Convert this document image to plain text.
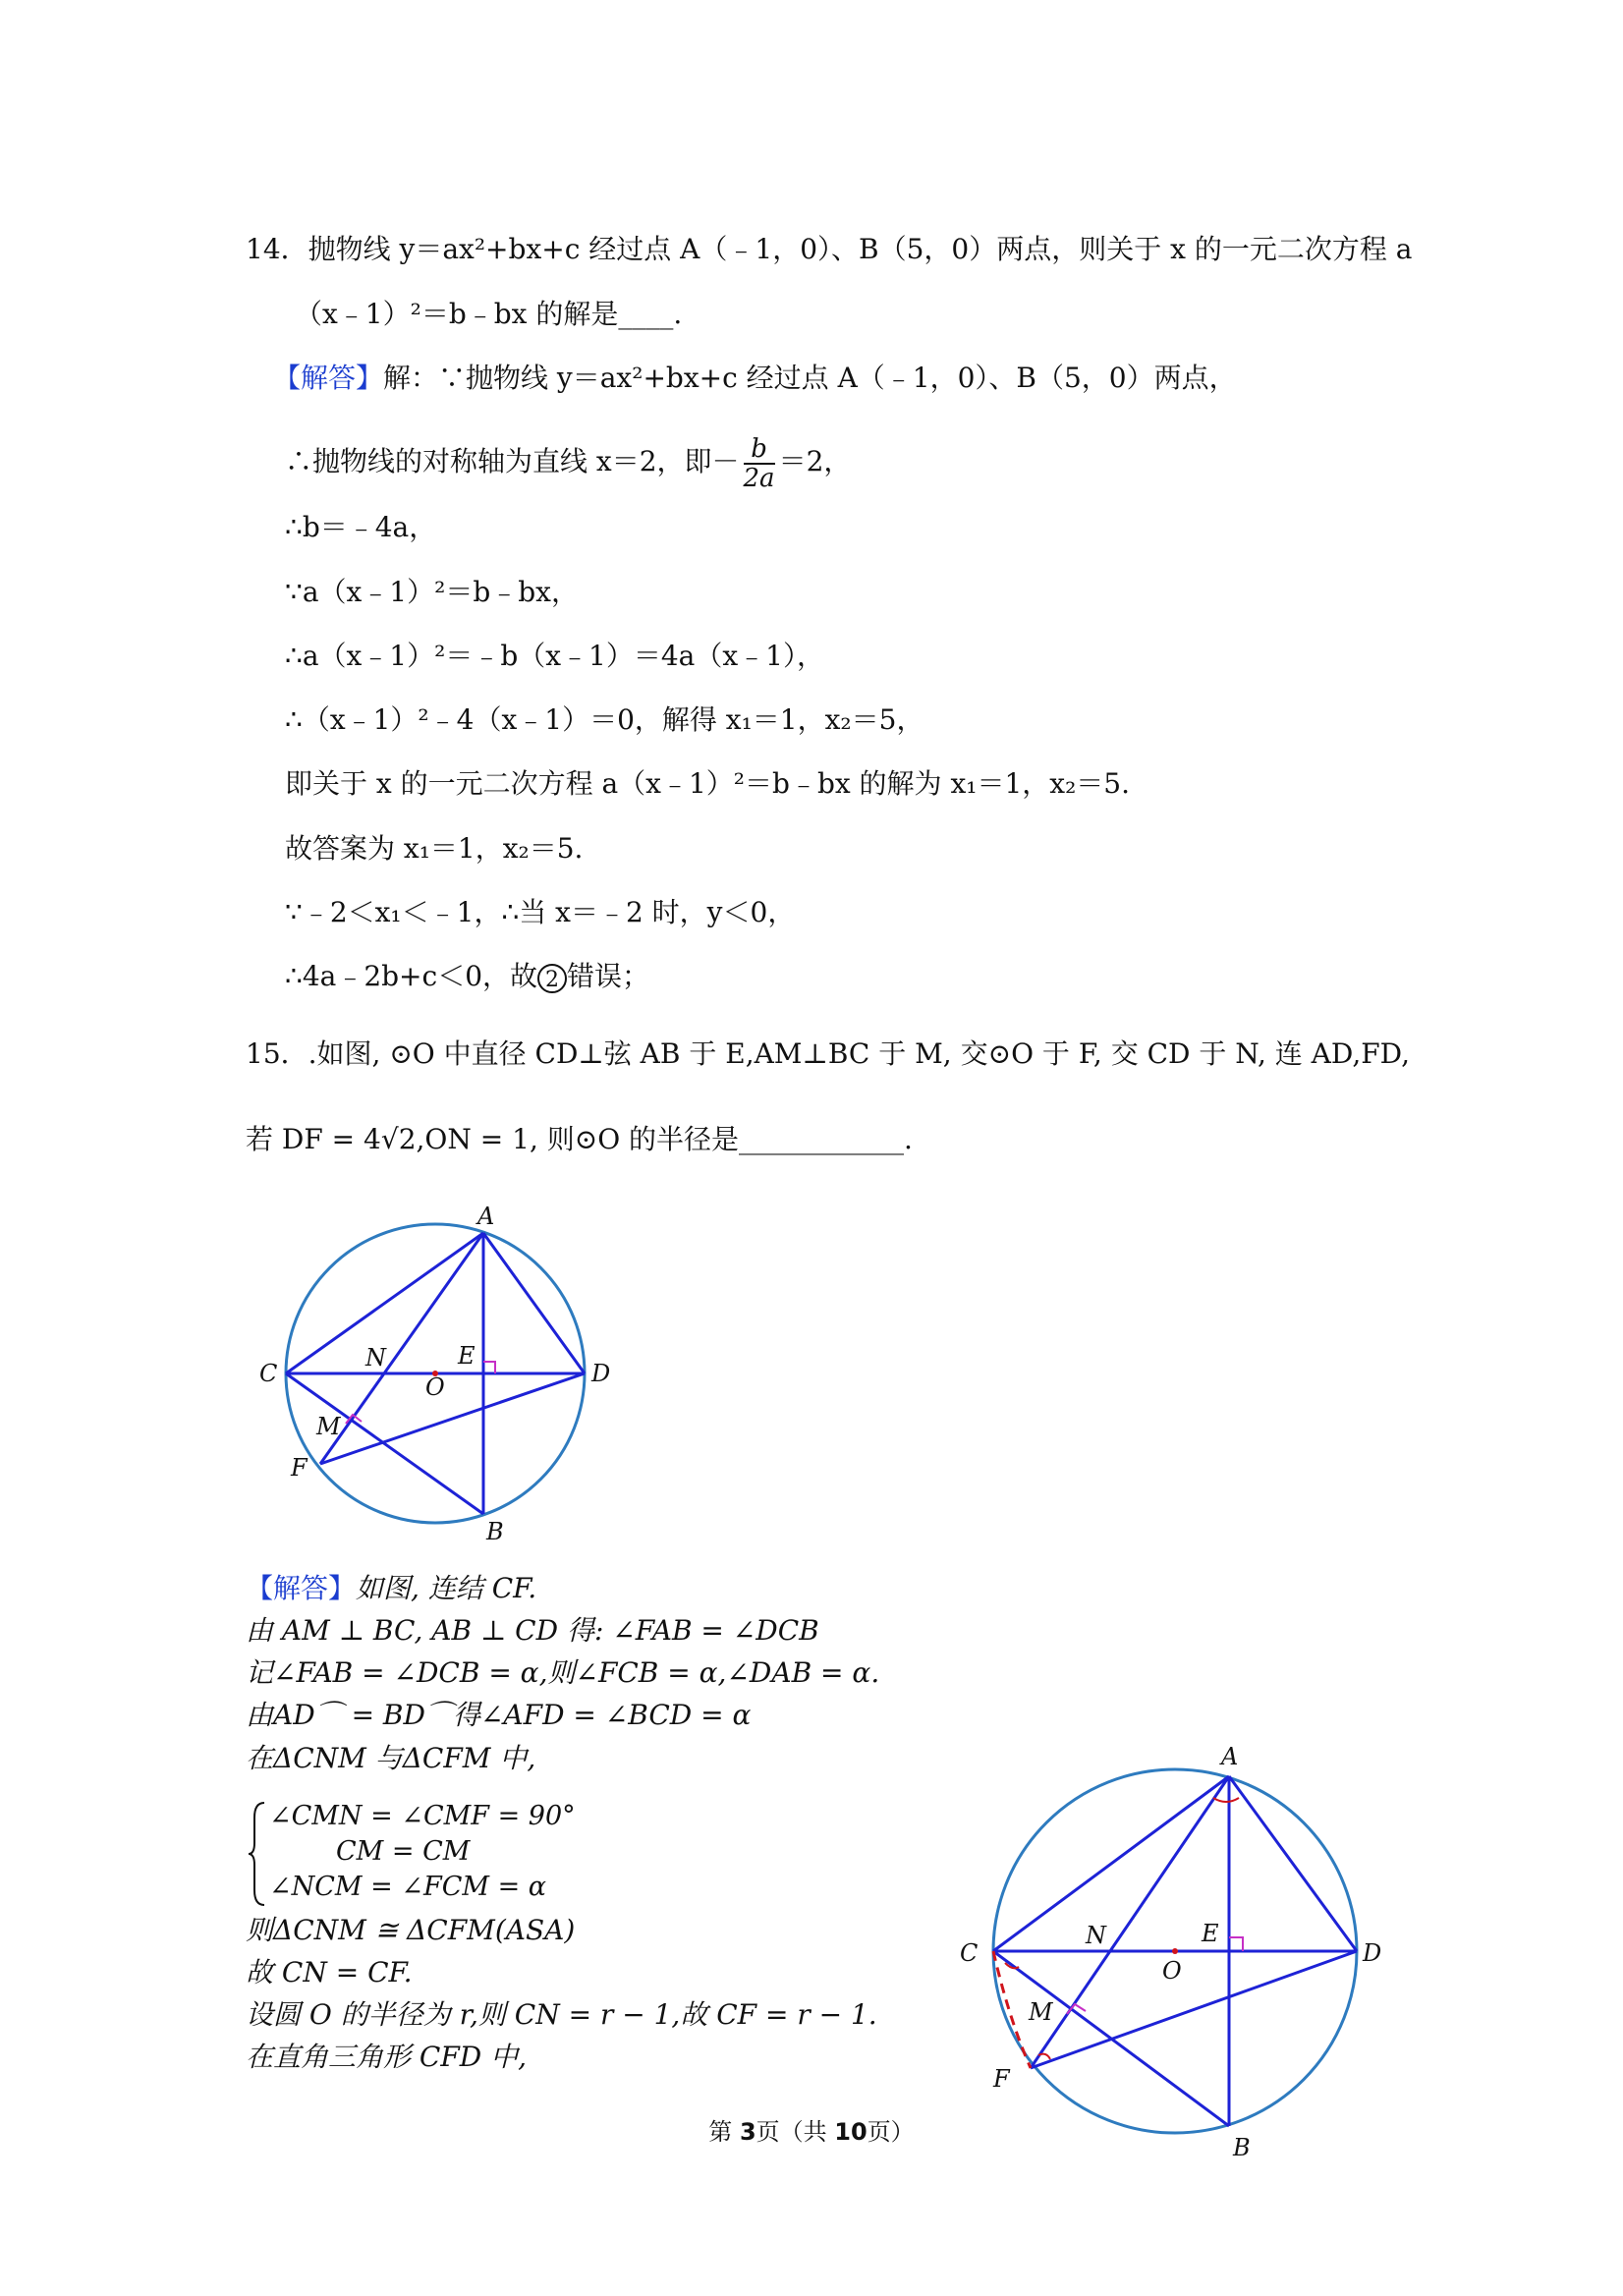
14．抛物线 y＝ax²+bx+c 经过点 A（﹣1，0）、B（5，0）两点，则关于 x 的一元二次方程 a
（x﹣1）²＝b﹣bx 的解是____.
【解答】解：∵抛物线 y＝ax²+bx+c 经过点 A（﹣1，0）、B（5，0）两点，
∴抛物线的对称轴为直线 x＝2，即－ $\frac{b}{2a} =2$，
∴b＝﹣4a，
∵a（x﹣1）²＝b﹣bx，
∴a（x﹣1）²＝﹣b（x﹣1）＝4a（x﹣1），
∴（x﹣1）²﹣4（x﹣1）＝0，解得 x₁＝1，x₂＝5，
即关于 x 的一元二次方程 a（x﹣1）²＝b﹣bx 的解为 x₁＝1，x₂＝5.
故答案为 x₁＝1，x₂＝5.
∵﹣2＜x₁＜﹣1，∴当 x＝﹣2 时，y＜0，
∴4a﹣2b+c＜0，故 2 错误；
15．.如图, ⊙O 中直径 CD⊥弦 AB 于 E,AM⊥BC 于 M, 交⊙O 于 F, 交 CD 于 N, 连 AD,FD,
若 DF = 4√2,ON = 1, 则⊙O 的半径是____________.
A
B
C	D
E
F
M
N
O
【解答】如图, 连结 CF.
由 AM ⊥ BC, AB ⊥ CD 得: ∠FAB = ∠DCB
记∠FAB = ∠DCB = α,则∠FCB = α,∠DAB = α.
由AD⌒ = BD⌒得∠AFD = ∠BCD = α
在ΔCNM 与ΔCFM 中,
∠CMN = ∠CMF = 90°
CM = CM
∠NCM = ∠FCM = α
则ΔCNM ≅ ΔCFM(ASA)
故 CN = CF.
设圆 O 的半径为 r,则 CN = r − 1,故 CF = r − 1.
在直角三角形 CFD 中,
A
B
C	D
E
F
M
N
O
第 3页（共 10页）
